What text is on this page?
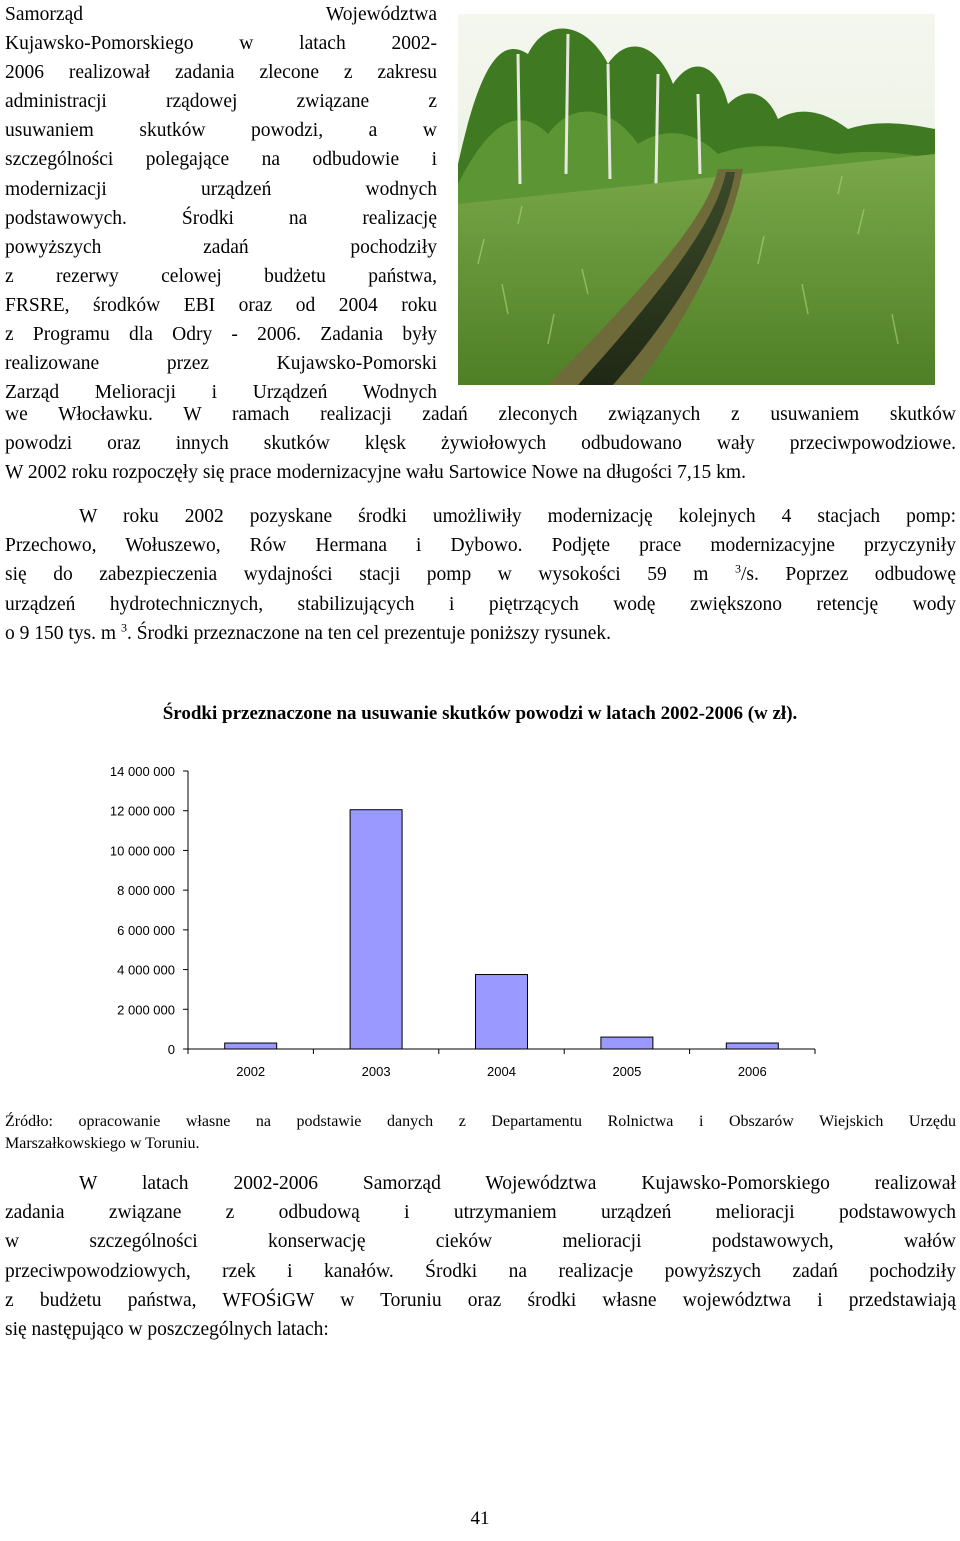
Samorząd Województwa
Kujawsko-Pomorskiego w latach 2002-
2006 realizował zadania zlecone z zakresu
administracji rządowej związane z
usuwaniem skutków powodzi, a w
szczególności polegające na odbudowie i
modernizacji urządzeń wodnych
podstawowych. Środki na realizację
powyższych zadań pochodziły
z rezerwy celowej budżetu państwa,
FRSRE, środków EBI oraz od 2004 roku
z Programu dla Odry - 2006. Zadania były
realizowane przez Kujawsko-Pomorski
Zarząd Melioracji i Urządzeń Wodnych
we Włocławku. W ramach realizacji zadań zleconych związanych z usuwaniem skutków
powodzi oraz innych skutków klęsk żywiołowych odbudowano wały przeciwpowodziowe.
W 2002 roku rozpoczęły się prace modernizacyjne wału Sartowice Nowe na długości 7,15 km.
W roku 2002 pozyskane środki umożliwiły modernizację kolejnych 4 stacjach pomp:
Przechowo, Wołuszewo, Rów Hermana i Dybowo. Podjęte prace modernizacyjne przyczyniły
się do zabezpieczenia wydajności stacji pomp w wysokości 59 m $^3$/s. Poprzez odbudowę
urządzeń hydrotechnicznych, stabilizujących i piętrzących wodę zwiększono retencję wody
o 9 150 tys. m $^3$. Środki przeznaczone na ten cel prezentuje poniższy rysunek.
Środki przeznaczone na usuwanie skutków powodzi w latach 2002-2006 (w zł).
0
2 000 000
4 000 000
6 000 000
8 000 000
10 000 000
12 000 000
14 000 000
2002	2003	2004	2005	2006
Źródło: opracowanie własne na podstawie danych z Departamentu Rolnictwa i Obszarów Wiejskich Urzędu
Marszałkowskiego w Toruniu.
W latach 2002-2006 Samorząd Województwa Kujawsko-Pomorskiego realizował
zadania związane z odbudową i utrzymaniem urządzeń melioracji podstawowych
w szczególności konserwację cieków melioracji podstawowych, wałów
przeciwpowodziowych, rzek i kanałów. Środki na realizacje powyższych zadań pochodziły
z budżetu państwa, WFOŚiGW w Toruniu oraz środki własne województwa i przedstawiają
się następująco w poszczególnych latach:
41
